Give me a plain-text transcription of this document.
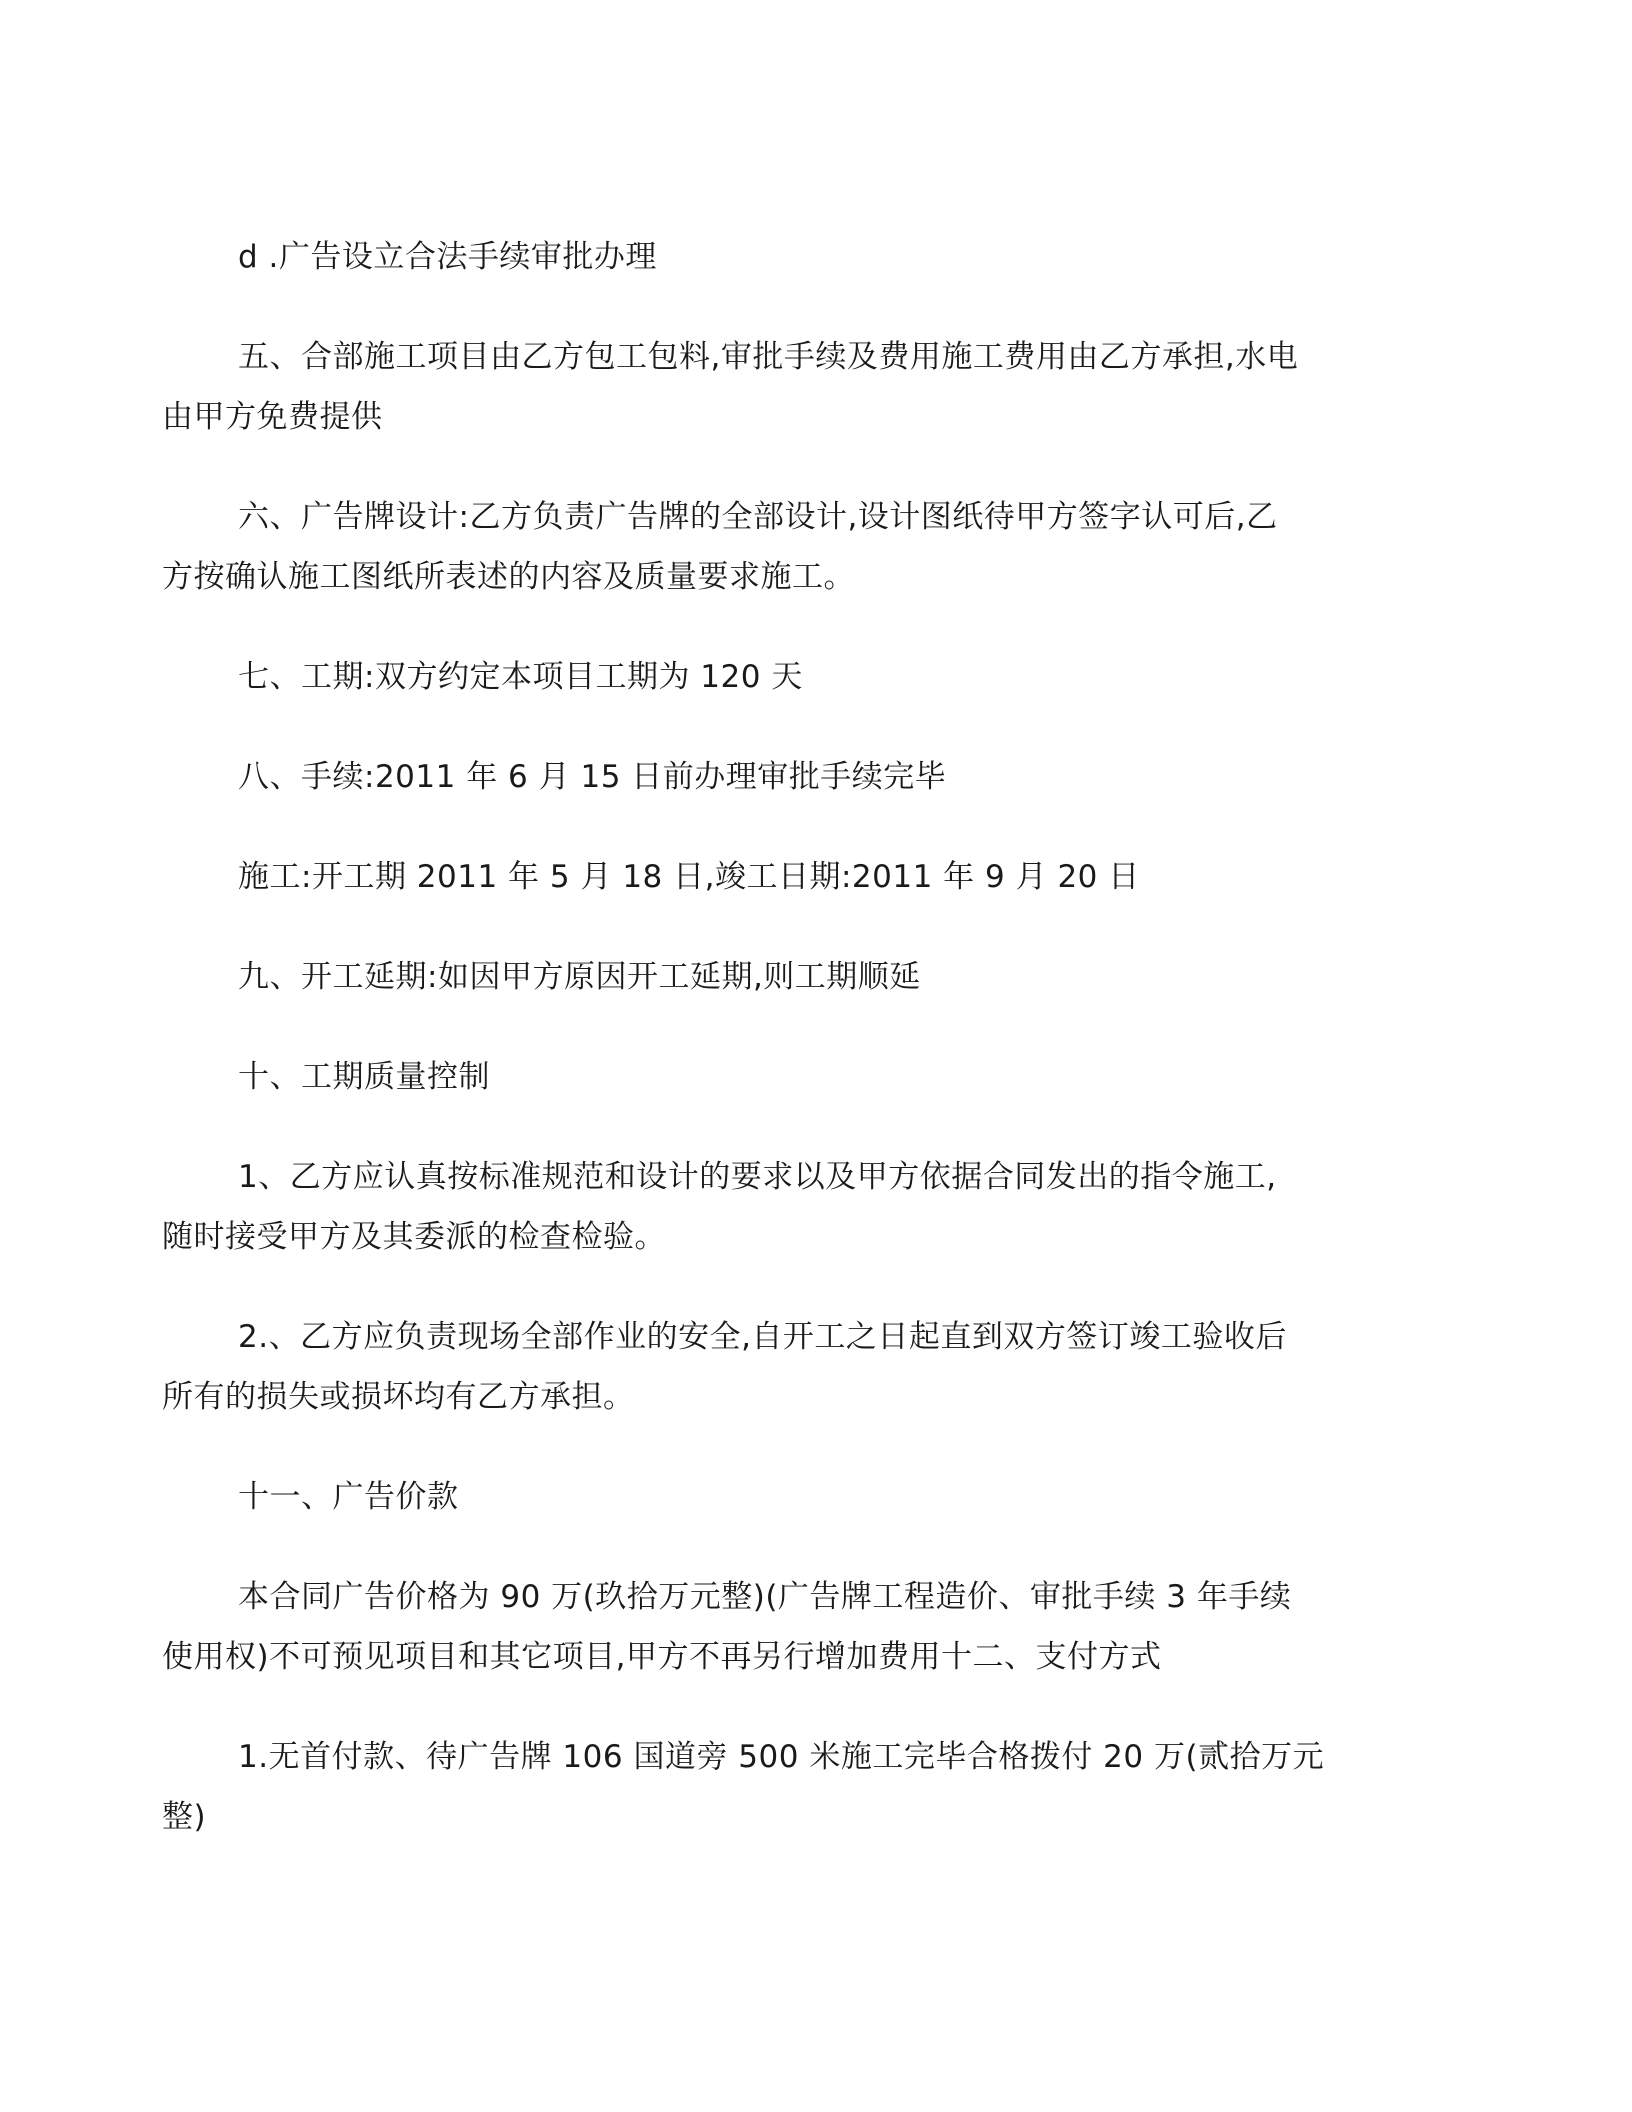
d .广告设立合法手续审批办理
五、合部施工项目由乙方包工包料,审批手续及费用施工费用由乙方承担,水电
由甲方免费提供
六、广告牌设计:乙方负责广告牌的全部设计,设计图纸待甲方签字认可后,乙
方按确认施工图纸所表述的内容及质量要求施工。
七、工期:双方约定本项目工期为 120 天
八、手续:2011 年 6 月 15 日前办理审批手续完毕
施工:开工期 2011 年 5 月 18 日,竣工日期:2011 年 9 月 20 日
九、开工延期:如因甲方原因开工延期,则工期顺延
十、工期质量控制
1、乙方应认真按标准规范和设计的要求以及甲方依据合同发出的指令施工,
随时接受甲方及其委派的检查检验。
2.、乙方应负责现场全部作业的安全,自开工之日起直到双方签订竣工验收后
所有的损失或损坏均有乙方承担。
十一、广告价款
本合同广告价格为 90 万(玖拾万元整)(广告牌工程造价、审批手续 3 年手续
使用权)不可预见项目和其它项目,甲方不再另行增加费用十二、支付方式
1.无首付款、待广告牌 106 国道旁 500 米施工完毕合格拨付 20 万(贰拾万元
整)
